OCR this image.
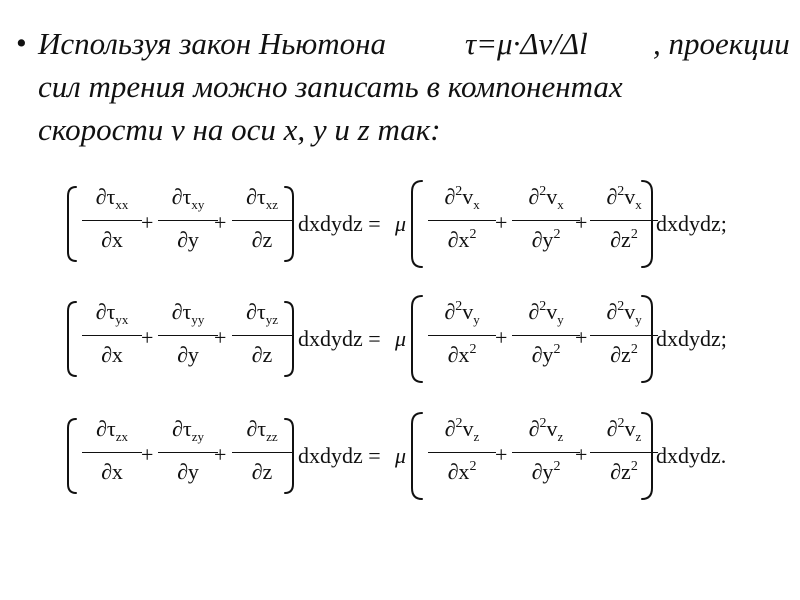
• Используя закон Ньютона	τ=μ·Δv/Δl , проекции
сил трения можно записать в компонентах
скорости v на оси x, y и z так:
$\partial\tau_{xx}$
∂x
+
$\partial\tau_{xy}$
∂y
+
$\partial\tau_{xz}$
∂z
dxdydz = μ
$\partial^2v_x$
$\partial x^2$ +
$\partial^2v_x$
$\partial y^2$ +
$\partial^2v_x$
$\partial z^2$ dxdydz;
$\partial\tau_{yx}$
∂x
+
$\partial\tau_{yy}$
∂y
+
$\partial\tau_{yz}$
∂z
dxdydz = μ
$\partial^2v_y$
$\partial x^2$ +
$\partial^2v_y$
$\partial y^2$ +
$\partial^2v_y$
$\partial z^2$ dxdydz;
$\partial\tau_{zx}$
∂x
+
$\partial\tau_{zy}$
∂y
+
$\partial\tau_{zz}$
∂z
dxdydz = μ
$\partial^2v_z$
$\partial x^2$ +
$\partial^2v_z$
$\partial y^2$ +
$\partial^2v_z$
$\partial z^2$ dxdydz.
